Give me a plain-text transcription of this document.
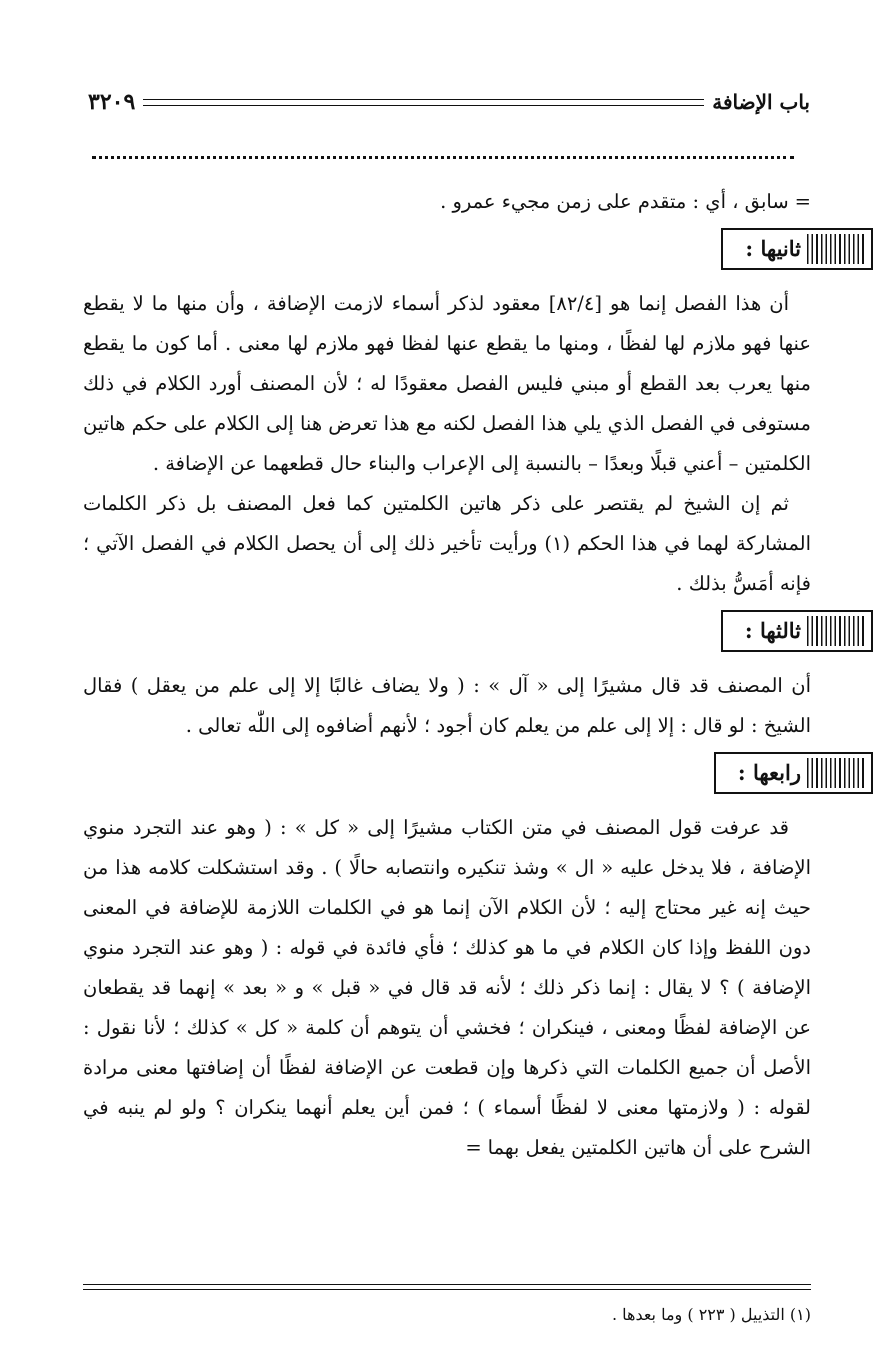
باب الإضافة
٣٢٠٩

=سابق ، أي : متقدم على زمن مجيء عمرو .

ثانيها :

أن هذا الفصل إنما هو [٨٢/٤] معقود لذكر أسماء لازمت الإضافة ، وأن منها ما لا يقطع عنها فهو ملازم لها لفظًا ، ومنها ما يقطع عنها لفظا فهو ملازم لها معنى . أما كون ما يقطع منها يعرب بعد القطع أو مبني فليس الفصل معقودًا له ؛ لأن المصنف أورد الكلام في ذلك مستوفى في الفصل الذي يلي هذا الفصل لكنه مع هذا تعرض هنا إلى الكلام على حكم هاتين الكلمتين – أعني قبلًا وبعدًا – بالنسبة إلى الإعراب والبناء حال قطعهما عن الإضافة .

ثم إن الشيخ لم يقتصر على ذكر هاتين الكلمتين كما فعل المصنف بل ذكر الكلمات المشاركة لهما في هذا الحكم (١) ورأيت تأخير ذلك إلى أن يحصل الكلام في الفصل الآتي ؛ فإنه أمَسُّ بذلك .

ثالثها :

أن المصنف قد قال مشيرًا إلى « آل » : ( ولا يضاف غالبًا إلا إلى علم من يعقل ) فقال الشيخ : لو قال : إلا إلى علم من يعلم كان أجود ؛ لأنهم أضافوه إلى اللّٰه تعالى .

رابعها :

قد عرفت قول المصنف في متن الكتاب مشيرًا إلى « كل » : ( وهو عند التجرد منوي الإضافة ، فلا يدخل عليه « ال » وشذ تنكيره وانتصابه حالًا ) . وقد استشكلت كلامه هذا من حيث إنه غير محتاج إليه ؛ لأن الكلام الآن إنما هو في الكلمات اللازمة للإضافة في المعنى دون اللفظ وإذا كان الكلام في ما هو كذلك ؛ فأي فائدة في قوله : ( وهو عند التجرد منوي الإضافة ) ؟ لا يقال : إنما ذكر ذلك ؛ لأنه قد قال في « قبل » و « بعد » إنهما قد يقطعان عن الإضافة لفظًا ومعنى ، فينكران ؛ فخشي أن يتوهم أن كلمة « كل » كذلك ؛ لأنا نقول : الأصل أن جميع الكلمات التي ذكرها وإن قطعت عن الإضافة لفظًا أن إضافتها معنى مرادة لقوله : ( ولازمتها معنى لا لفظًا أسماء ) ؛ فمن أين يعلم أنهما ينكران ؟ ولو لم ينبه في الشرح على أن هاتين الكلمتين يفعل بهما=

(١) التذييل ( ٢٢٣ ) وما بعدها .
